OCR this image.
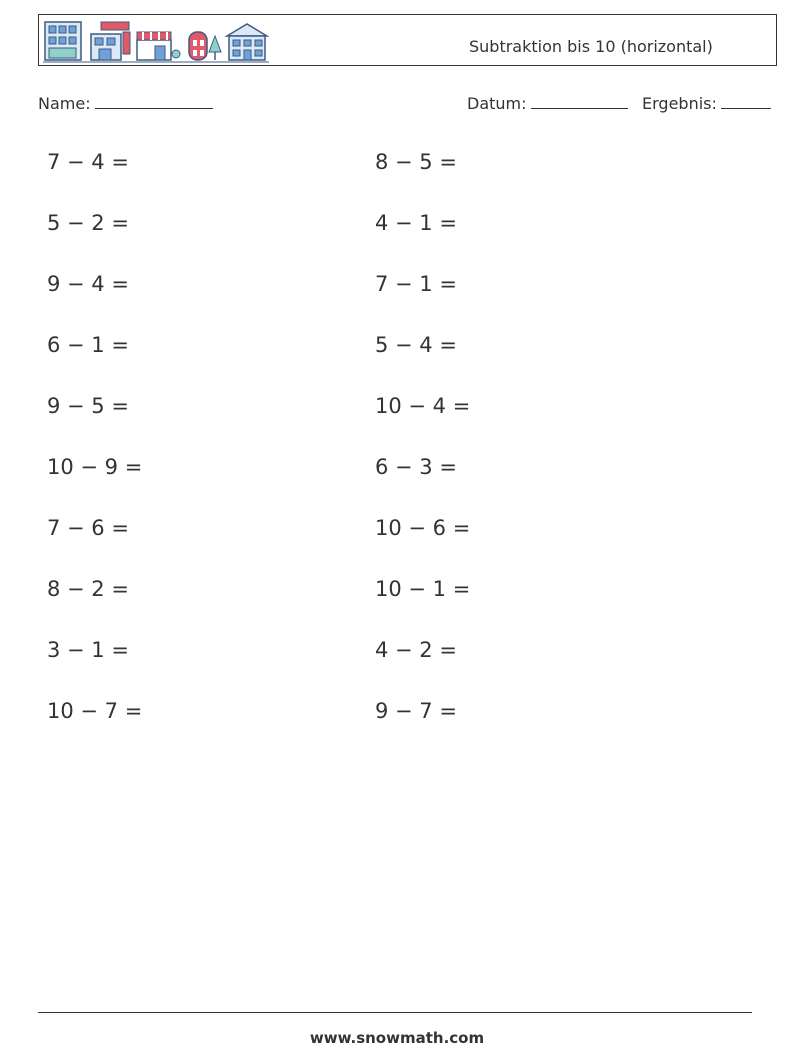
Subtraktion bis 10 (horizontal)
Name:	Datum:	Ergebnis:
7 − 4 =
5 − 2 =
9 − 4 =
6 − 1 =
9 − 5 =
10 − 9 =
7 − 6 =
8 − 2 =
3 − 1 =
10 − 7 =
8 − 5 =
4 − 1 =
7 − 1 =
5 − 4 =
10 − 4 =
6 − 3 =
10 − 6 =
10 − 1 =
4 − 2 =
9 − 7 =
www.snowmath.com
